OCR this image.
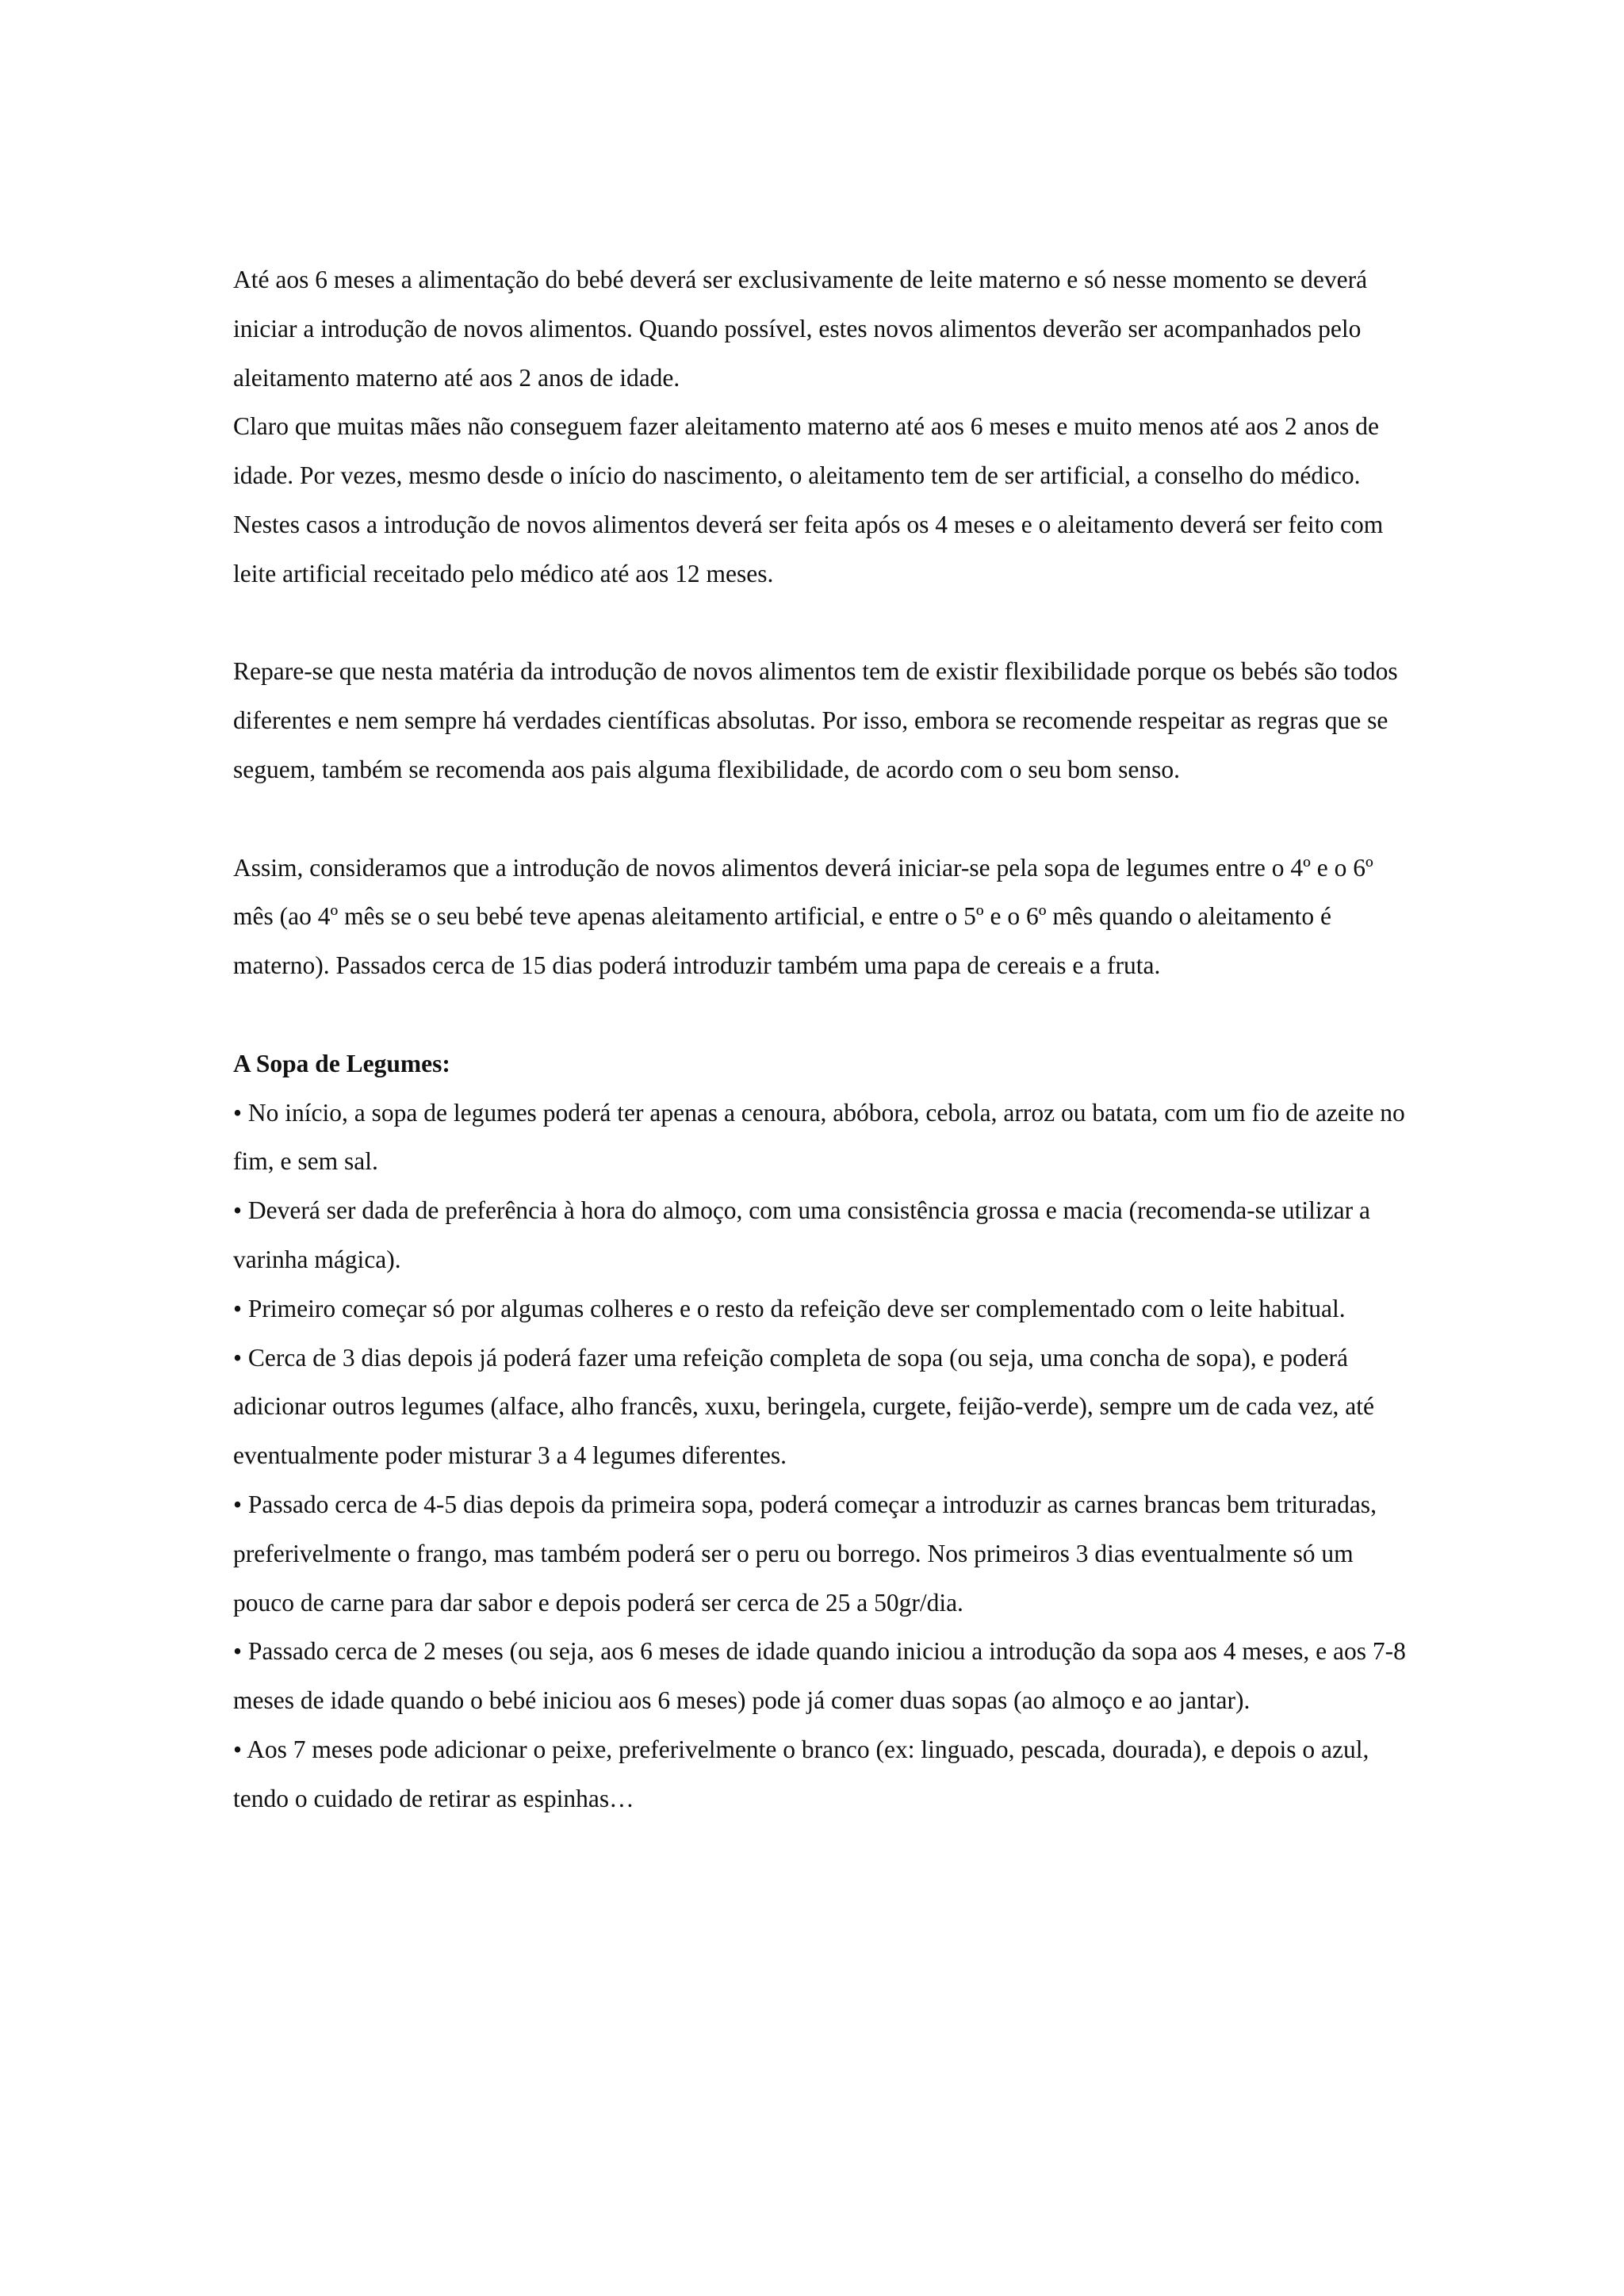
Até aos 6 meses a alimentação do bebé deverá ser exclusivamente de leite materno e só nesse momento se deverá iniciar a introdução de novos alimentos. Quando possível, estes novos alimentos deverão ser acompanhados pelo aleitamento materno até aos 2 anos de idade.

Claro que muitas mães não conseguem fazer aleitamento materno até aos 6 meses e muito menos até aos 2 anos de idade. Por vezes, mesmo desde o início do nascimento, o aleitamento tem de ser artificial, a conselho do médico. Nestes casos a introdução de novos alimentos deverá ser feita após os 4 meses e o aleitamento deverá ser feito com leite artificial receitado pelo médico até aos 12 meses.

Repare-se que nesta matéria da introdução de novos alimentos tem de existir flexibilidade porque os bebés são todos diferentes e nem sempre há verdades científicas absolutas. Por isso, embora se recomende respeitar as regras que se seguem, também se recomenda aos pais alguma flexibilidade, de acordo com o seu bom senso.

Assim, consideramos que a introdução de novos alimentos deverá iniciar-se pela sopa de legumes entre o 4º e o 6º mês (ao 4º mês se o seu bebé teve apenas aleitamento artificial, e entre o 5º e o 6º mês quando o aleitamento é materno). Passados cerca de 15 dias poderá introduzir também uma papa de cereais e a fruta.

A Sopa de Legumes:

• No início, a sopa de legumes poderá ter apenas a cenoura, abóbora, cebola, arroz ou batata, com um fio de azeite no fim, e sem sal.

• Deverá ser dada de preferência à hora do almoço, com uma consistência grossa e macia (recomenda-se utilizar a varinha mágica).

• Primeiro começar só por algumas colheres e o resto da refeição deve ser complementado com o leite habitual.

• Cerca de 3 dias depois já poderá fazer uma refeição completa de sopa (ou seja, uma concha de sopa), e poderá adicionar outros legumes (alface, alho francês, xuxu, beringela, curgete, feijão-verde), sempre um de cada vez, até eventualmente poder misturar 3 a 4 legumes diferentes.

• Passado cerca de 4-5 dias depois da primeira sopa, poderá começar a introduzir as carnes brancas bem trituradas, preferivelmente o frango, mas também poderá ser o peru ou borrego. Nos primeiros 3 dias eventualmente só um pouco de carne para dar sabor e depois poderá ser cerca de 25 a 50gr/dia.

• Passado cerca de 2 meses (ou seja, aos 6 meses de idade quando iniciou a introdução da sopa aos 4 meses, e aos 7-8 meses de idade quando o bebé iniciou aos 6 meses) pode já comer duas sopas (ao almoço e ao jantar).

• Aos 7 meses pode adicionar o peixe, preferivelmente o branco (ex: linguado, pescada, dourada), e depois o azul, tendo o cuidado de retirar as espinhas…
